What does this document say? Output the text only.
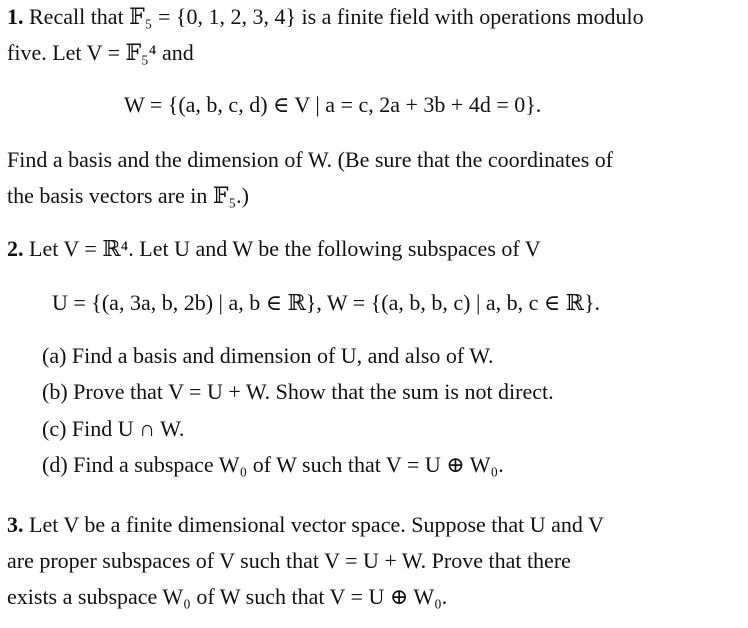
1. Recall that 𝔽₅ = {0, 1, 2, 3, 4} is a finite field with operations modulo
five. Let V = 𝔽₅⁴ and
W = {(a, b, c, d) ∈ V | a = c, 2a + 3b + 4d = 0}.
Find a basis and the dimension of W. (Be sure that the coordinates of
the basis vectors are in 𝔽₅.)
2. Let V = ℝ⁴. Let U and W be the following subspaces of V
U = {(a, 3a, b, 2b) | a, b ∈ ℝ}, W = {(a, b, b, c) | a, b, c ∈ ℝ}.
(a) Find a basis and dimension of U, and also of W.
(b) Prove that V = U + W. Show that the sum is not direct.
(c) Find U ∩ W.
(d) Find a subspace W₀ of W such that V = U ⊕ W₀.
3. Let V be a finite dimensional vector space. Suppose that U and V
are proper subspaces of V such that V = U + W. Prove that there
exists a subspace W₀ of W such that V = U ⊕ W₀.
